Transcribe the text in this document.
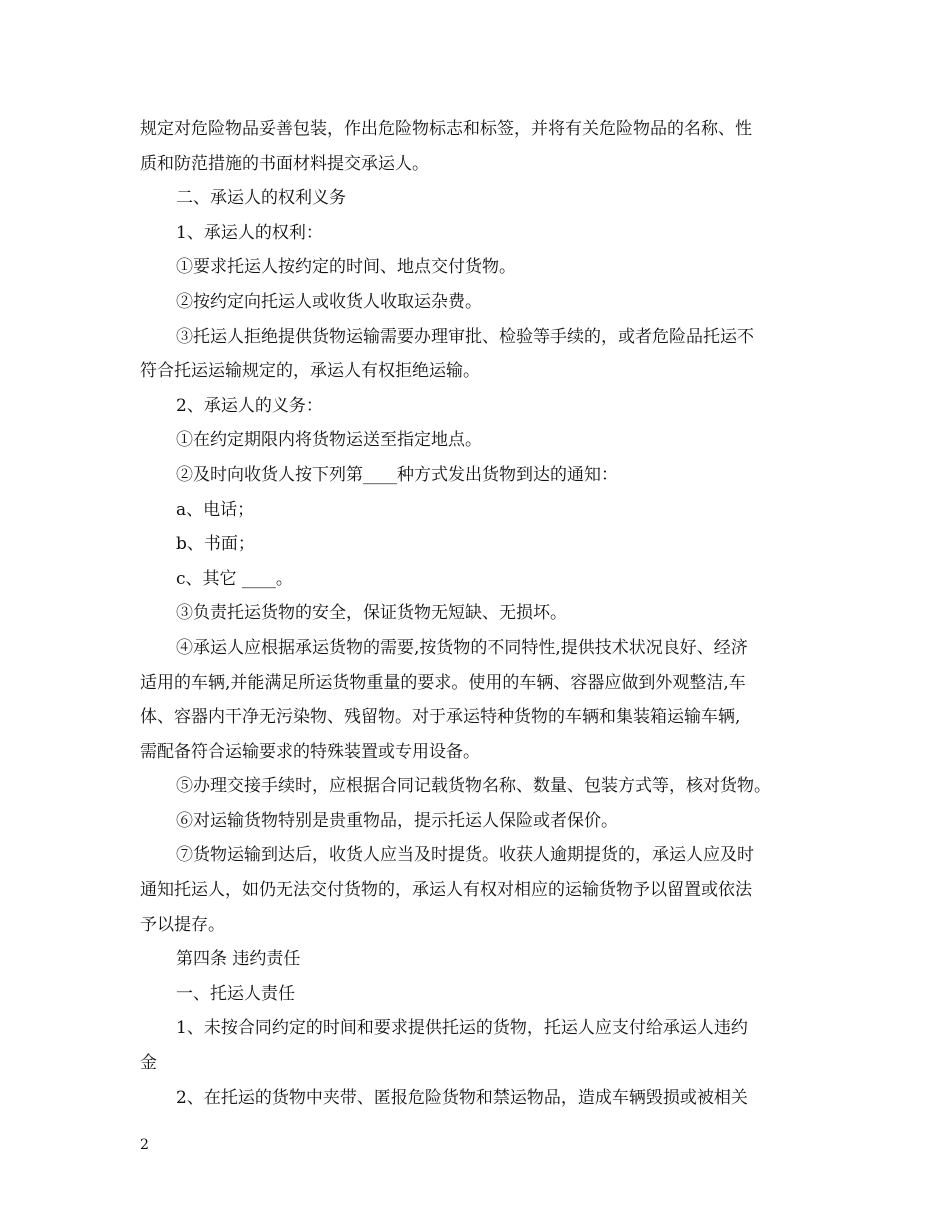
规定对危险物品妥善包装，作出危险物标志和标签，并将有关危险物品的名称、性

质和防范措施的书面材料提交承运人。

二、承运人的权利义务

1、承运人的权利：

①要求托运人按约定的时间、地点交付货物。

②按约定向托运人或收货人收取运杂费。

③托运人拒绝提供货物运输需要办理审批、检验等手续的，或者危险品托运不

符合托运运输规定的，承运人有权拒绝运输。

2、承运人的义务：

①在约定期限内将货物运送至指定地点。

②及时向收货人按下列第____种方式发出货物到达的通知：

a、电话；

b、书面；

c、其它 ____。

③负责托运货物的安全，保证货物无短缺、无损坏。

④承运人应根据承运货物的需要,按货物的不同特性,提供技术状况良好、经济

适用的车辆,并能满足所运货物重量的要求。使用的车辆、容器应做到外观整洁,车

体、容器内干净无污染物、残留物。对于承运特种货物的车辆和集装箱运输车辆,

需配备符合运输要求的特殊装置或专用设备。

⑤办理交接手续时，应根据合同记载货物名称、数量、包装方式等，核对货物。

⑥对运输货物特别是贵重物品，提示托运人保险或者保价。

⑦货物运输到达后，收货人应当及时提货。收获人逾期提货的，承运人应及时

通知托运人，如仍无法交付货物的，承运人有权对相应的运输货物予以留置或依法

予以提存。

第四条 违约责任

一、托运人责任

1、未按合同约定的时间和要求提供托运的货物，托运人应支付给承运人违约

金

2、在托运的货物中夹带、匿报危险货物和禁运物品，造成车辆毁损或被相关

2
